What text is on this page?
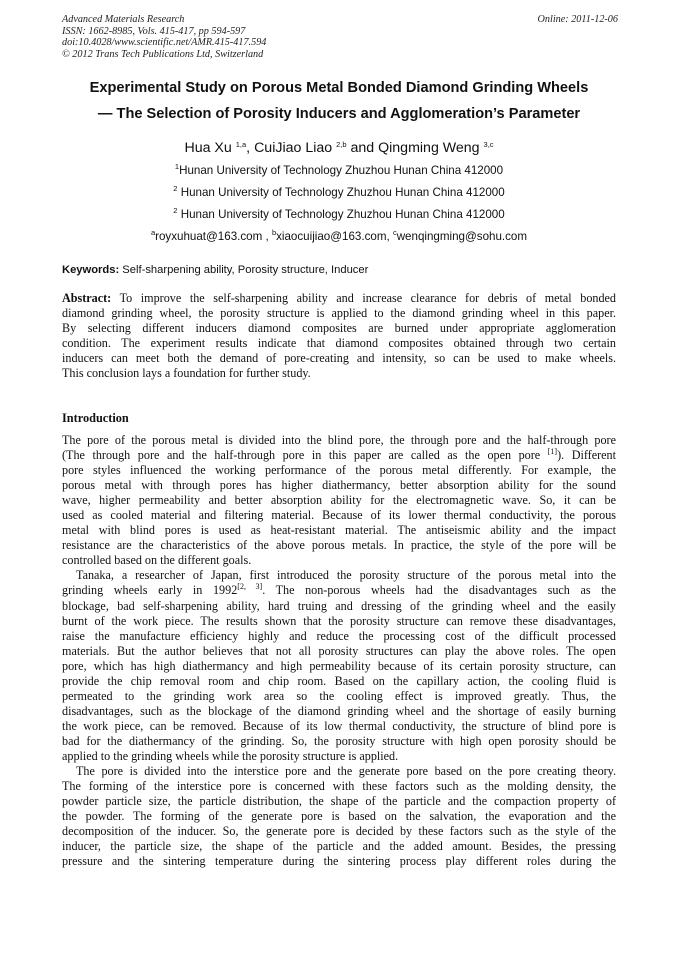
Advanced Materials Research
ISSN: 1662-8985, Vols. 415-417, pp 594-597
doi:10.4028/www.scientific.net/AMR.415-417.594
© 2012 Trans Tech Publications Ltd, Switzerland
Online: 2011-12-06
Experimental Study on Porous Metal Bonded Diamond Grinding Wheels
— The Selection of Porosity Inducers and Agglomeration’s Parameter
Hua Xu $^{1,a}$, CuiJiao Liao $^{2,b}$ and Qingming Weng $^{3,c}$
$^1$Hunan University of Technology Zhuzhou Hunan China 412000
$^2$ Hunan University of Technology Zhuzhou Hunan China 412000
$^2$ Hunan University of Technology Zhuzhou Hunan China 412000
$^a$royxuhuat@163.com , $^b$xiaocuijiao@163.com, $^c$wenqingming@sohu.com
Keywords: Self-sharpening ability, Porosity structure, Inducer
Abstract: To improve the self-sharpening ability and increase clearance for debris of metal bonded
diamond grinding wheel, the porosity structure is applied to the diamond grinding wheel in this paper.
By selecting different inducers diamond composites are burned under appropriate agglomeration
condition. The experiment results indicate that diamond composites obtained through two certain
inducers can meet both the demand of pore-creating and intensity, so can be used to make wheels.
This conclusion lays a foundation for further study.
Introduction
The pore of the porous metal is divided into the blind pore, the through pore and the half-through pore
(The through pore and the half-through pore in this paper are called as the open pore [1]). Different
pore styles influenced the working performance of the porous metal differently. For example, the
porous metal with through pores has higher diathermancy, better absorption ability for the sound
wave, higher permeability and better absorption ability for the electromagnetic wave. So, it can be
used as cooled material and filtering material. Because of its lower thermal conductivity, the porous
metal with blind pores is used as heat-resistant material. The antiseismic ability and the impact
resistance are the characteristics of the above porous metals. In practice, the style of the pore will be
controlled based on the different goals.
Tanaka, a researcher of Japan, first introduced the porosity structure of the porous metal into the
grinding wheels early in 1992[2, 3]. The non-porous wheels had the disadvantages such as the
blockage, bad self-sharpening ability, hard truing and dressing of the grinding wheel and the easily
burnt of the work piece. The results shown that the porosity structure can remove these disadvantages,
raise the manufacture efficiency highly and reduce the processing cost of the difficult processed
materials. But the author believes that not all porosity structures can play the above roles. The open
pore, which has high diathermancy and high permeability because of its certain porosity structure, can
provide the chip removal room and chip room. Based on the capillary action, the cooling fluid is
permeated to the grinding work area so the cooling effect is improved greatly. Thus, the
disadvantages, such as the blockage of the diamond grinding wheel and the shortage of easily burning
the work piece, can be removed. Because of its low thermal conductivity, the structure of blind pore is
bad for the diathermancy of the grinding. So, the porosity structure with high open porosity should be
applied to the grinding wheels while the porosity structure is applied.
The pore is divided into the interstice pore and the generate pore based on the pore creating theory.
The forming of the interstice pore is concerned with these factors such as the molding density, the
powder particle size, the particle distribution, the shape of the particle and the compaction property of
the powder. The forming of the generate pore is based on the salvation, the evaporation and the
decomposition of the inducer. So, the generate pore is decided by these factors such as the style of the
inducer, the particle size, the shape of the particle and the added amount. Besides, the pressing
pressure and the sintering temperature during the sintering process play different roles during the
